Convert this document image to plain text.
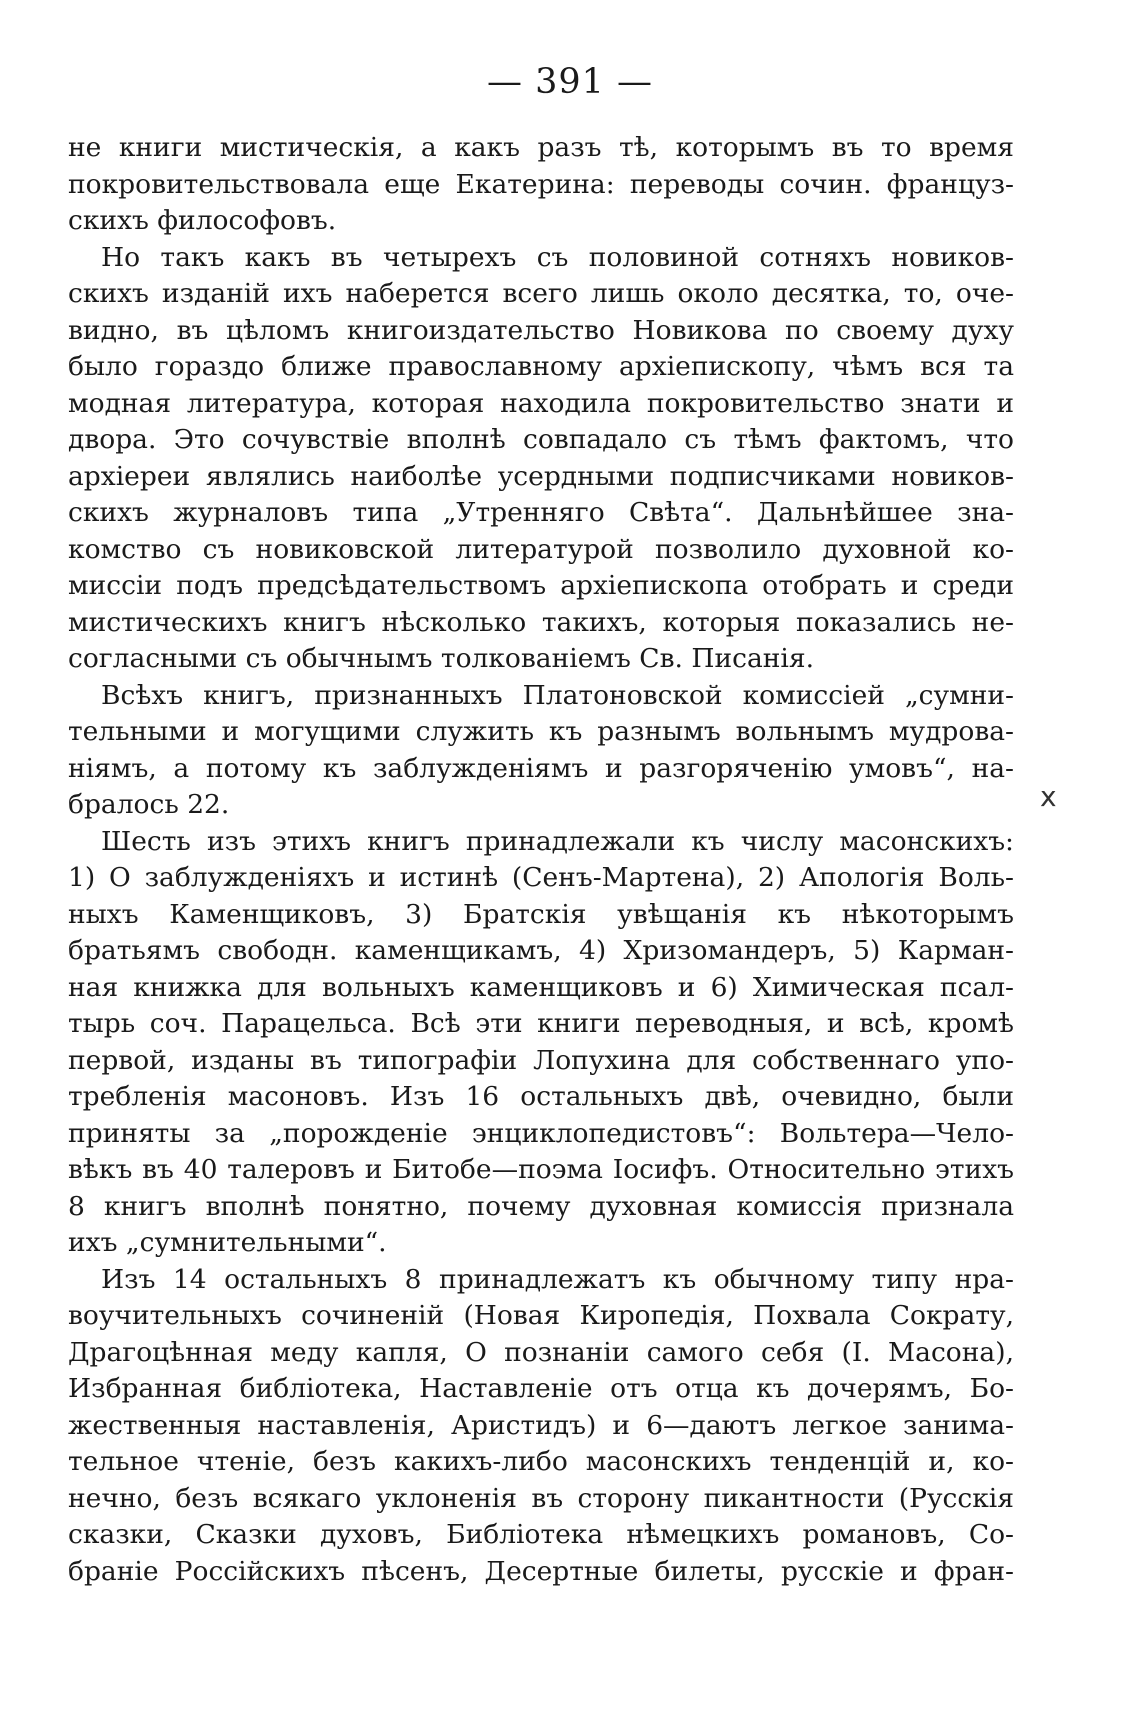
— 391 —
не книги мистическія, а какъ разъ тѣ, которымъ въ то время
покровительствовала еще Екатерина: переводы сочин. француз-
скихъ философовъ.
Но такъ какъ въ четырехъ съ половиной сотняхъ новиков-
скихъ изданій ихъ наберется всего лишь около десятка, то, оче-
видно, въ цѣломъ книгоиздательство Новикова по своему духу
было гораздо ближе православному архіепископу, чѣмъ вся та
модная литература, которая находила покровительство знати и
двора. Это сочувствіе вполнѣ совпадало съ тѣмъ фактомъ, что
архіереи являлись наиболѣе усердными подписчиками новиков-
скихъ журналовъ типа „Утренняго Свѣта“. Дальнѣйшее зна-
комство съ новиковской литературой позволило духовной ко-
миссіи подъ предсѣдательствомъ архіепископа отобрать и среди
мистическихъ книгъ нѣсколько такихъ, которыя показались не-
согласными съ обычнымъ толкованіемъ Св. Писанія.
Всѣхъ книгъ, признанныхъ Платоновской комиссіей „сумни-
тельными и могущими служить къ разнымъ вольнымъ мудрова-
ніямъ, а потому къ заблужденіямъ и разгоряченію умовъ“, на-
бралось 22.
Шесть изъ этихъ книгъ принадлежали къ числу масонскихъ:
1) О заблужденіяхъ и истинѣ (Сенъ-Мартена), 2) Апологія Воль-
ныхъ Каменщиковъ, 3) Братскія увѣщанія къ нѣкоторымъ
братьямъ свободн. каменщикамъ, 4) Хризомандеръ, 5) Карман-
ная книжка для вольныхъ каменщиковъ и 6) Химическая псал-
тырь соч. Парацельса. Всѣ эти книги переводныя, и всѣ, кромѣ
первой, изданы въ типографіи Лопухина для собственнаго упо-
требленія масоновъ. Изъ 16 остальныхъ двѣ, очевидно, были
приняты за „порожденіе энциклопедистовъ“: Вольтера—Чело-
вѣкъ въ 40 талеровъ и Битобе—поэма Іосифъ. Относительно этихъ
8 книгъ вполнѣ понятно, почему духовная комиссія признала
ихъ „сумнительными“.
Изъ 14 остальныхъ 8 принадлежатъ къ обычному типу нра-
воучительныхъ сочиненій (Новая Киропедія, Похвала Сократу,
Драгоцѣнная меду капля, О познаніи самого себя (I. Масона),
Избранная библіотека, Наставленіе отъ отца къ дочерямъ, Бо-
жественныя наставленія, Аристидъ) и 6—даютъ легкое занима-
тельное чтеніе, безъ какихъ-либо масонскихъ тенденцій и, ко-
нечно, безъ всякаго уклоненія въ сторону пикантности (Русскія
сказки, Сказки духовъ, Библіотека нѣмецкихъ романовъ, Со-
браніе Россійскихъ пѣсенъ, Десертные билеты, русскіе и фран-
x
